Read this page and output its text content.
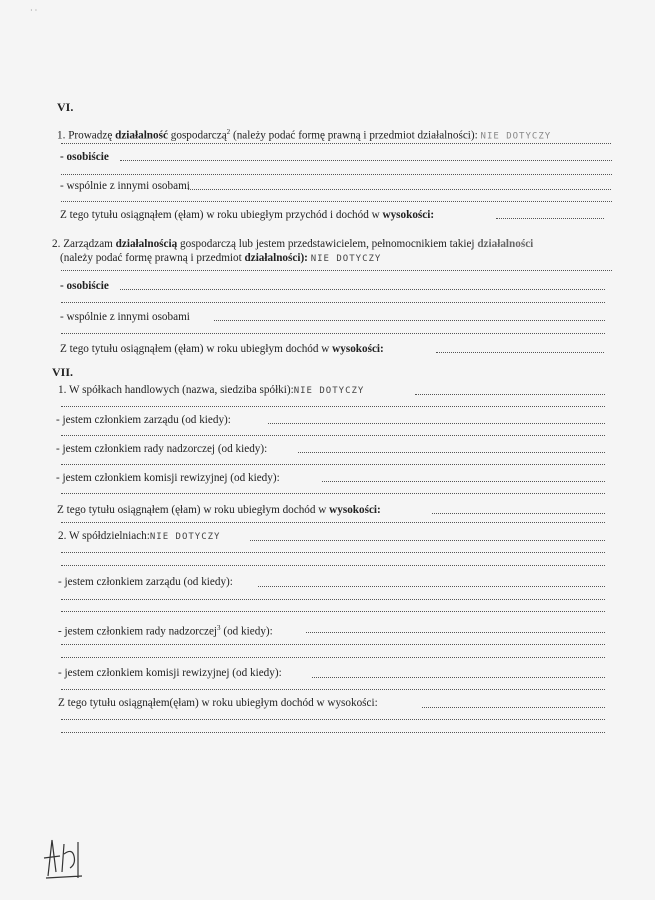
· ·
VI.
1. Prowadzę działalność gospodarczą$^2$ (należy podać formę prawną i przedmiot działalności): NIE DOTYCZY
- osobiście
- wspólnie z innymi osobami
Z tego tytułu osiągnąłem (ęłam) w roku ubiegłym przychód i dochód w wysokości:
2. Zarządzam działalnością gospodarczą lub jestem przedstawicielem, pełnomocnikiem takiej działalności
(należy podać formę prawną i przedmiot działalności): NIE DOTYCZY
- osobiście
- wspólnie z innymi osobami
Z tego tytułu osiągnąłem (ęłam) w roku ubiegłym dochód w wysokości:
VII.
1. W spółkach handlowych (nazwa, siedziba spółki):NIE DOTYCZY
- jestem członkiem zarządu (od kiedy):
- jestem członkiem rady nadzorczej (od kiedy):
- jestem członkiem komisji rewizyjnej (od kiedy):
Z tego tytułu osiągnąłem (ęłam) w roku ubiegłym dochód w wysokości:
2. W spółdzielniach:NIE DOTYCZY
- jestem członkiem zarządu (od kiedy):
- jestem członkiem rady nadzorczej$^3$ (od kiedy):
- jestem członkiem komisji rewizyjnej (od kiedy):
Z tego tytułu osiągnąłem(ęłam) w roku ubiegłym dochód w wysokości:
